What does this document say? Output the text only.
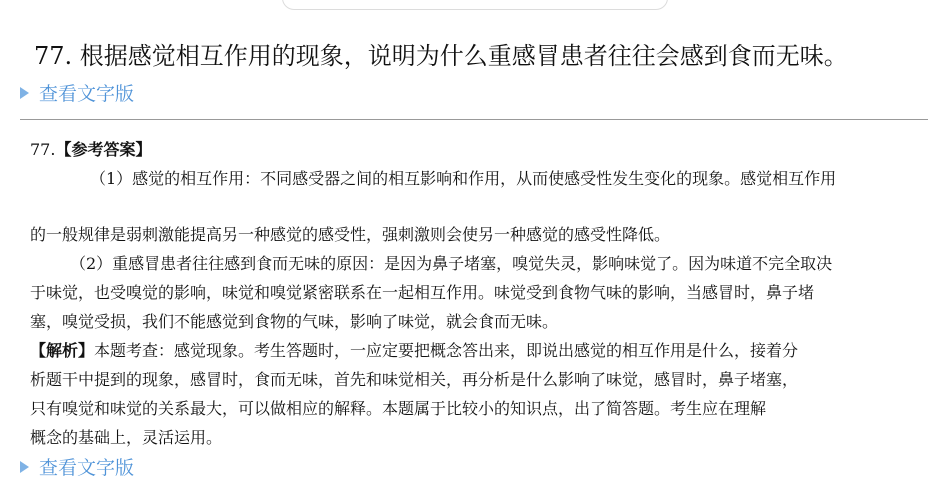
77. 根据感觉相互作用的现象，说明为什么重感冒患者往往会感到食而无味。
查看文字版
77.【参考答案】
（1）感觉的相互作用：不同感受器之间的相互影响和作用，从而使感受性发生变化的现象。感觉相互作用
的一般规律是弱刺激能提高另一种感觉的感受性，强刺激则会使另一种感觉的感受性降低。
（2）重感冒患者往往感到食而无味的原因：是因为鼻子堵塞，嗅觉失灵，影响味觉了。因为味道不完全取决
于味觉，也受嗅觉的影响，味觉和嗅觉紧密联系在一起相互作用。味觉受到食物气味的影响，当感冒时，鼻子堵
塞，嗅觉受损，我们不能感觉到食物的气味，影响了味觉，就会食而无味。
【解析】本题考查：感觉现象。考生答题时，一应定要把概念答出来，即说出感觉的相互作用是什么，接着分
析题干中提到的现象，感冒时，食而无味，首先和味觉相关，再分析是什么影响了味觉，感冒时，鼻子堵塞，
只有嗅觉和味觉的关系最大，可以做相应的解释。本题属于比较小的知识点，出了简答题。考生应在理解
概念的基础上，灵活运用。
查看文字版
